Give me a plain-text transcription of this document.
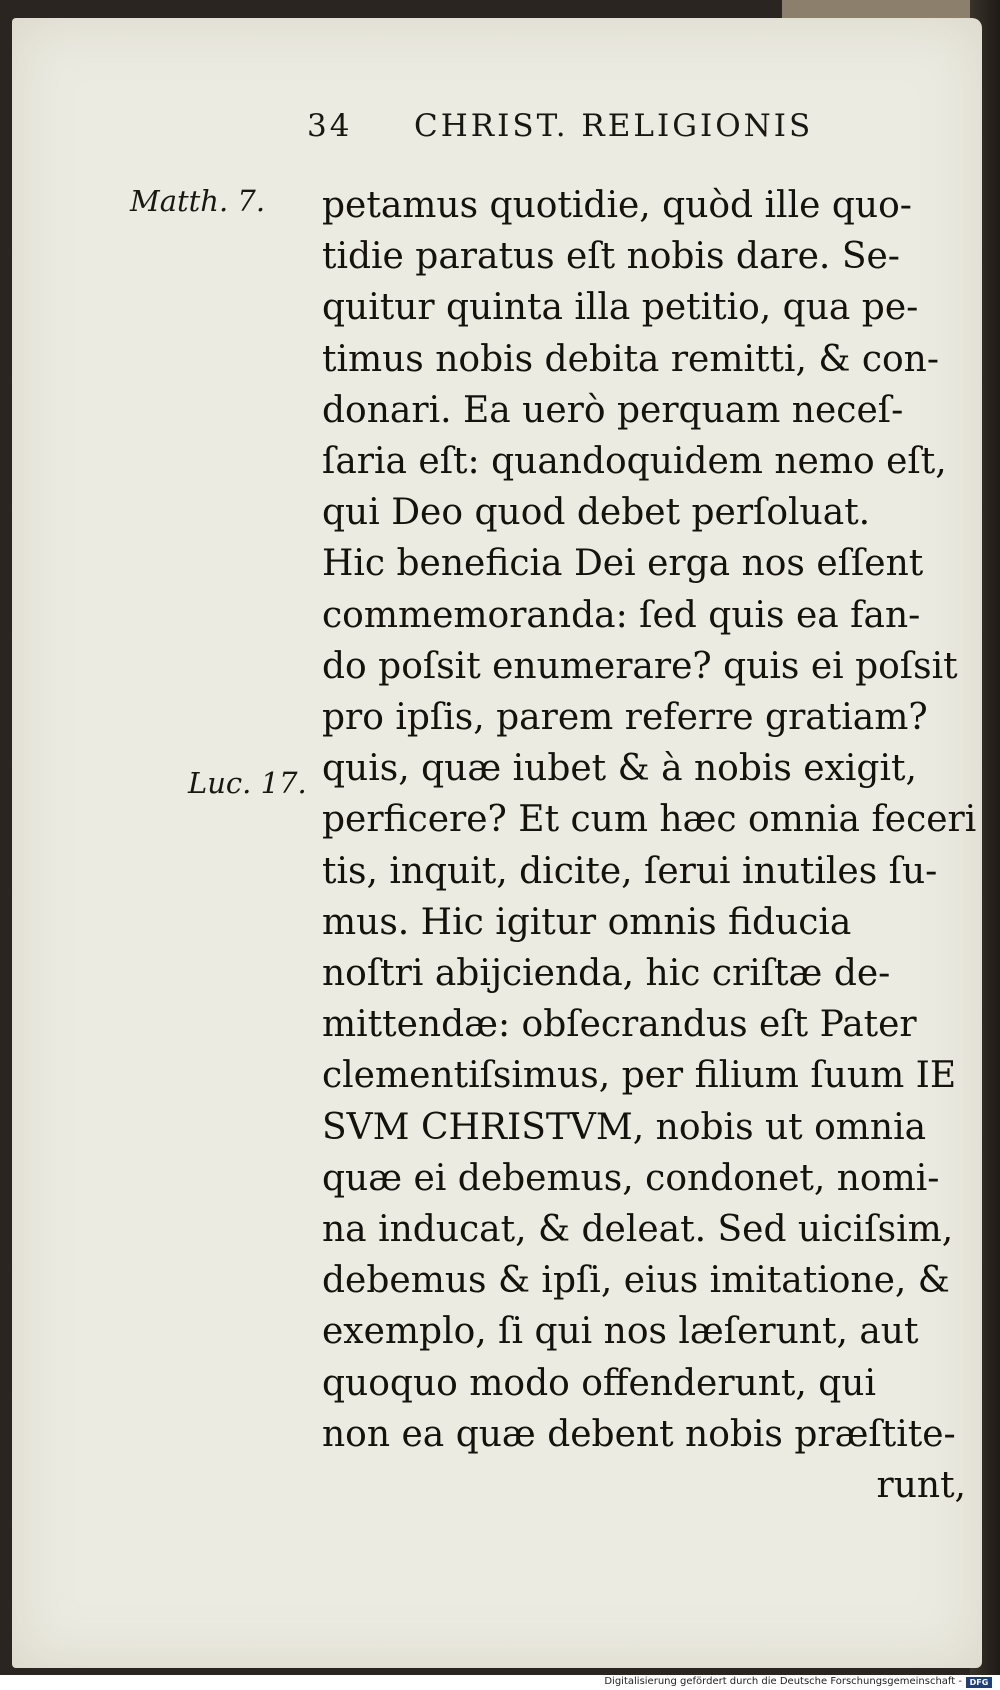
34 CHRIST. RELIGIONIS
Matth. 7.
Luc. 17.
petamus quotidie, quòd ille quo-
tidie paratus eſt nobis dare. Se-
quitur quinta illa petitio, qua pe-
timus nobis debita remitti, & con-
donari. Ea uerò perquam neceſ-
ſaria eſt: quandoquidem nemo eſt,
qui Deo quod debet perſoluat.
Hic beneficia Dei erga nos eſſent
commemoranda: ſed quis ea fan-
do poſsit enumerare? quis ei poſsit
pro ipſis, parem referre gratiam?
quis, quæ iubet & à nobis exigit,
perficere? Et cum hæc omnia feceri
tis, inquit, dicite, ſerui inutiles ſu-
mus. Hic igitur omnis fiducia
noſtri abijcienda, hic criſtæ de-
mittendæ: obſecrandus eſt Pater
clementiſsimus, per filium ſuum IE
SVM CHRISTVM, nobis ut omnia
quæ ei debemus, condonet, nomi-
na inducat, & deleat. Sed uiciſsim,
debemus & ipſi, eius imitatione, &
exemplo, ſi qui nos læſerunt, aut
quoquo modo offenderunt, qui
non ea quæ debent nobis præſtite-
runt,
Digitalisierung gefördert durch die Deutsche Forschungsgemeinschaft - DFG
